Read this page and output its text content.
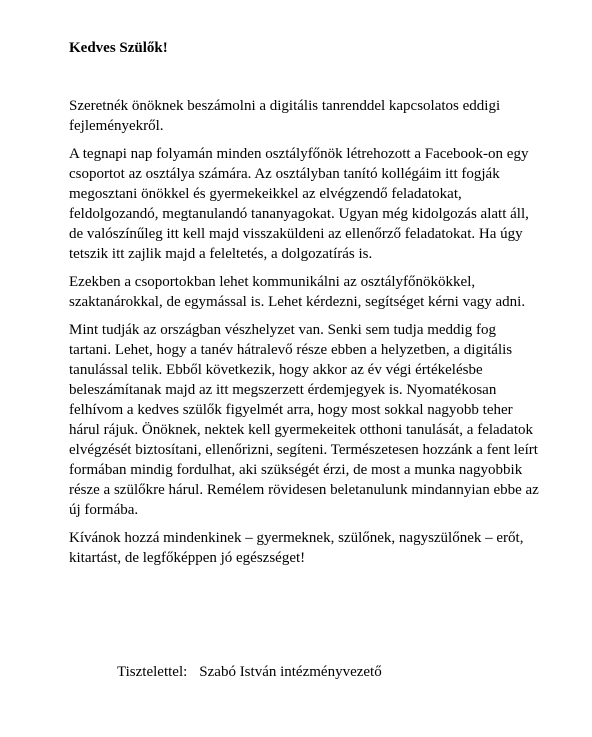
Kedves Szülők!

Szeretnék önöknek beszámolni a digitális tanrenddel kapcsolatos eddigi fejleményekről.

A tegnapi nap folyamán minden osztályfőnök létrehozott a Facebook-on egy csoportot az osztálya számára. Az osztályban tanító kollégáim itt fogják megosztani önökkel és gyermekeikkel az elvégzendő feladatokat, feldolgozandó, megtanulandó tananyagokat. Ugyan még kidolgozás alatt áll, de valószínűleg itt kell majd visszaküldeni az ellenőrző feladatokat. Ha úgy tetszik itt zajlik majd a feleltetés, a dolgozatírás is.

Ezekben a csoportokban lehet kommunikálni az osztályfőnökökkel, szaktanárokkal, de egymással is. Lehet kérdezni, segítséget kérni vagy adni.

Mint tudják az országban vészhelyzet van. Senki sem tudja meddig fog tartani. Lehet, hogy a tanév hátralevő része ebben a helyzetben, a digitális tanulással telik. Ebből következik, hogy akkor az év végi értékelésbe beleszámítanak majd az itt megszerzett érdemjegyek is. Nyomatékosan felhívom a kedves szülők figyelmét arra, hogy most sokkal nagyobb teher hárul rájuk. Önöknek, nektek kell gyermekeitek otthoni tanulását, a feladatok elvégzését biztosítani, ellenőrizni, segíteni. Természetesen hozzánk a fent leírt formában mindig fordulhat, aki szükségét érzi, de most a munka nagyobbik része a szülőkre hárul. Remélem rövidesen beletanulunk mindannyian ebbe az új formába.

Kívánok hozzá mindenkinek – gyermeknek, szülőnek, nagyszülőnek – erőt, kitartást, de legfőképpen jó egészséget!

Tisztelettel: Szabó István intézményvezető
